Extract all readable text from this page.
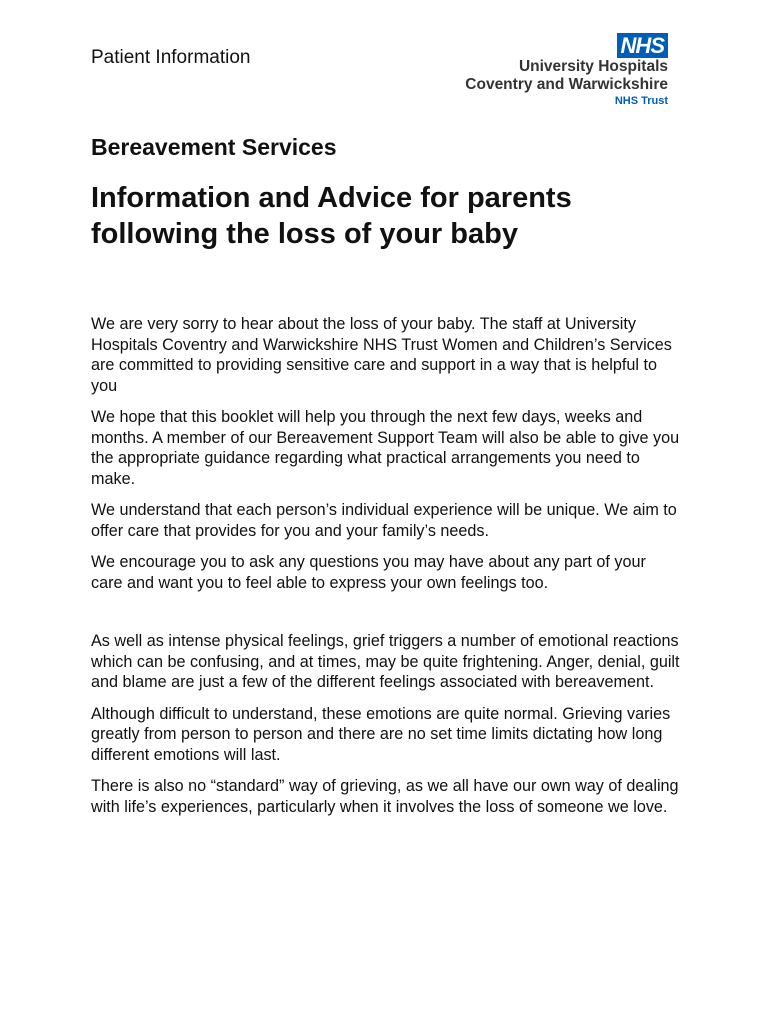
Patient Information	NHS
University Hospitals
Coventry and Warwickshire
NHS Trust
Bereavement Services
Information and Advice for parents following the loss of your baby

We are very sorry to hear about the loss of your baby. The staff at University Hospitals Coventry and Warwickshire NHS Trust Women and Children’s Services are committed to providing sensitive care and support in a way that is helpful to you

We hope that this booklet will help you through the next few days, weeks and months. A member of our Bereavement Support Team will also be able to give you the appropriate guidance regarding what practical arrangements you need to make.

We understand that each person’s individual experience will be unique. We aim to offer care that provides for you and your family’s needs.

We encourage you to ask any questions you may have about any part of your care and want you to feel able to express your own feelings too.

As well as intense physical feelings, grief triggers a number of emotional reactions which can be confusing, and at times, may be quite frightening. Anger, denial, guilt and blame are just a few of the different feelings associated with bereavement.

Although difficult to understand, these emotions are quite normal. Grieving varies greatly from person to person and there are no set time limits dictating how long different emotions will last.

There is also no “standard” way of grieving, as we all have our own way of dealing with life’s experiences, particularly when it involves the loss of someone we love.
